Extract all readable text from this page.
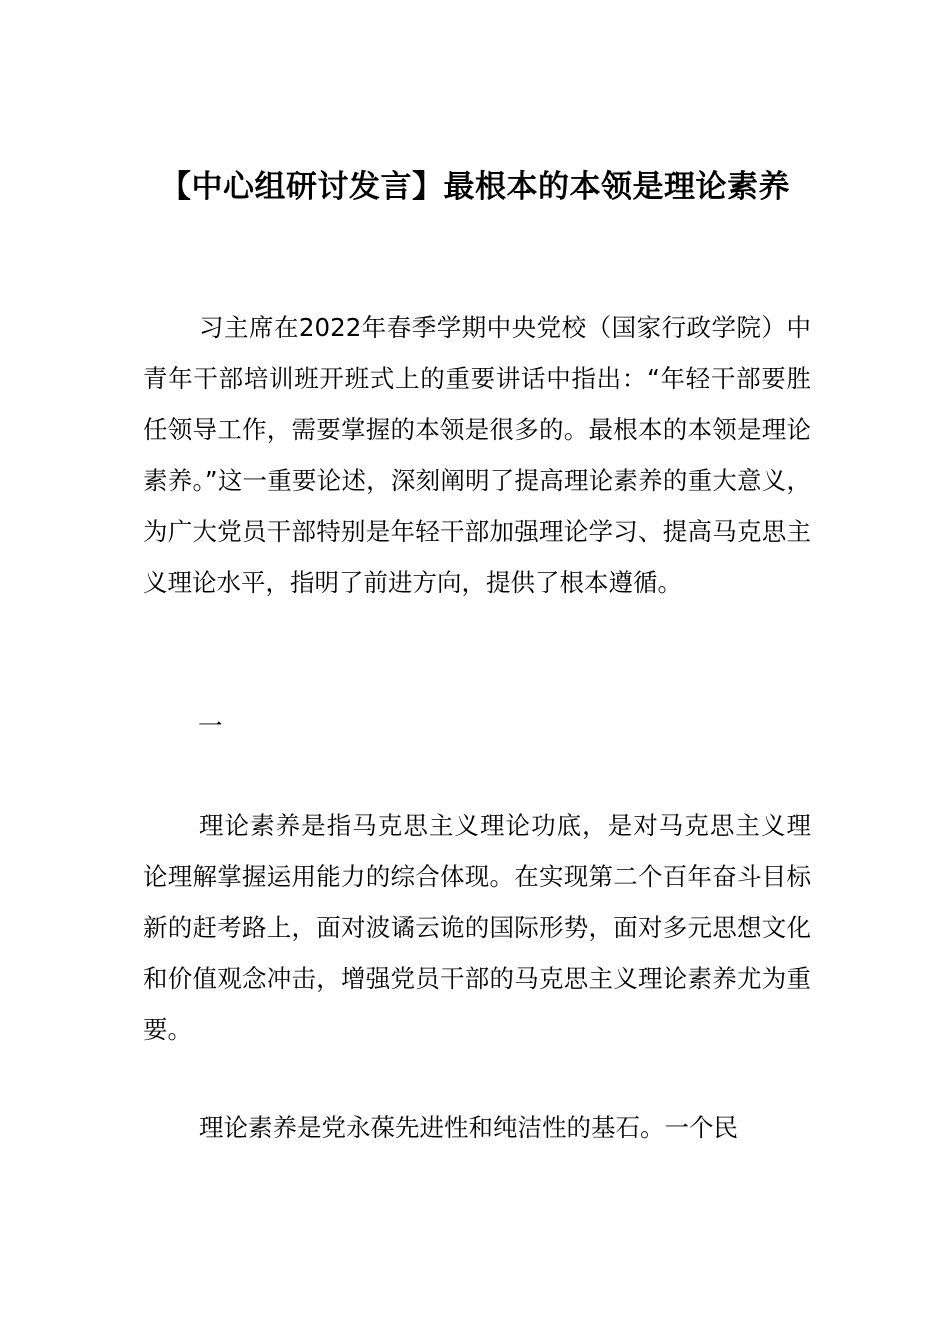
【中心组研讨发言】最根本的本领是理论素养

习主席在2022年春季学期中央党校（国家行政学院）中青年干部培训班开班式上的重要讲话中指出：“年轻干部要胜任领导工作，需要掌握的本领是很多的。最根本的本领是理论素养。”这一重要论述，深刻阐明了提高理论素养的重大意义，为广大党员干部特别是年轻干部加强理论学习、提高马克思主义理论水平，指明了前进方向，提供了根本遵循。

一

理论素养是指马克思主义理论功底，是对马克思主义理论理解掌握运用能力的综合体现。在实现第二个百年奋斗目标新的赶考路上，面对波谲云诡的国际形势，面对多元思想文化和价值观念冲击，增强党员干部的马克思主义理论素养尤为重要。

理论素养是党永葆先进性和纯洁性的基石。一个民
